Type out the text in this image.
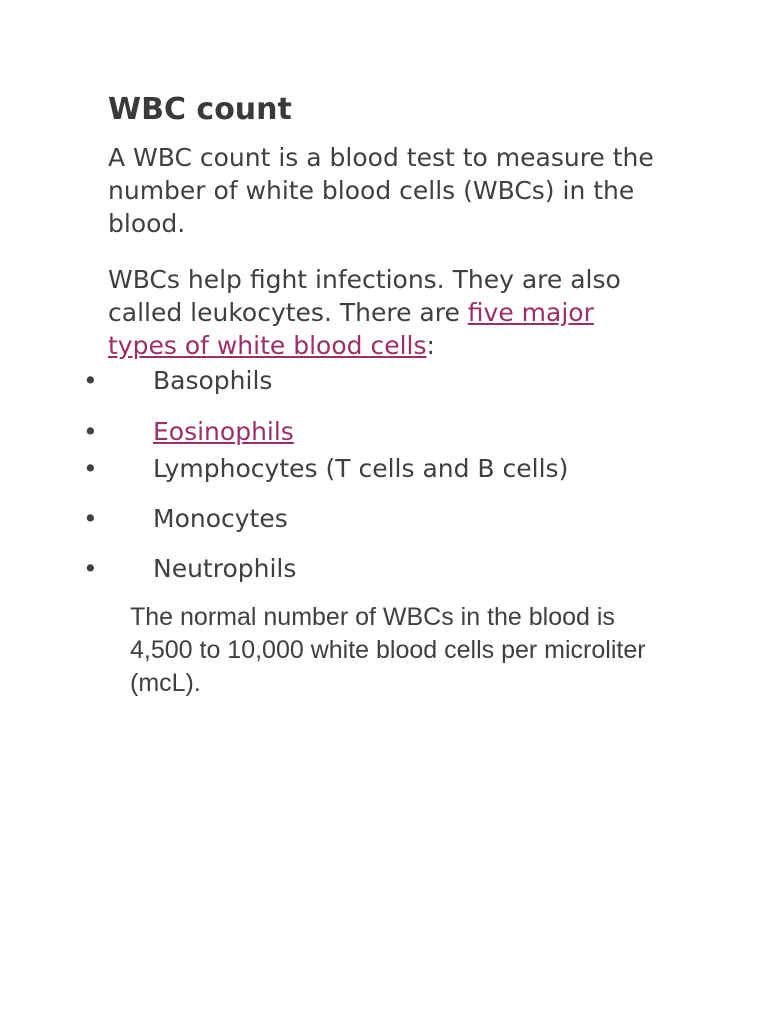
WBC count

A WBC count is a blood test to measure the number of white blood cells (WBCs) in the blood.

WBCs help fight infections. They are also called leukocytes. There are five major types of white blood cells:

• Basophils
• Eosinophils
• Lymphocytes (T cells and B cells)
• Monocytes
• Neutrophils

The normal number of WBCs in the blood is 4,500 to 10,000 white blood cells per microliter (mcL).
